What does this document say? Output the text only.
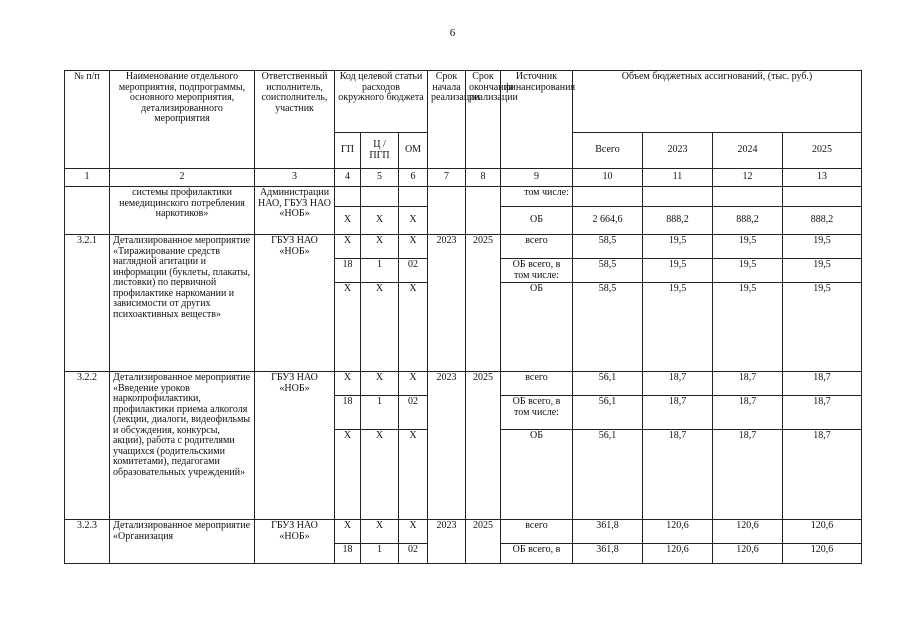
6
№ п/п	Наименование отдельного мероприятия, подпрограммы, основного мероприятия, детализированного мероприятия	Ответственный исполнитель, соисполнитель, участник	Код целевой статьи расходов окружного бюджета			Срок начала реализации	Срок окончания реализации	Источник финансирования	Объем бюджетных ассигнований, (тыс. руб.)			
			ГП	Ц / ПГП	ОМ				Всего	2023	2024	2025
1	2	3	4	5	6	7	8	9	10	11	12	13
	системы профилактики немедицинского потребления наркотиков»	Администрации НАО, ГБУЗ НАО «НОБ»						том числе:				
			Х	Х	Х			ОБ	2 664,6	888,2	888,2	888,2
3.2.1	Детализированное мероприятие «Тиражирование средств наглядной агитации и информации (буклеты, плакаты, листовки) по первичной профилактике наркомании и зависимости от других психоактивных веществ»	ГБУЗ НАО «НОБ»	Х	Х	Х	2023	2025	всего	58,5	19,5	19,5	19,5
			18	1	02			ОБ всего, в том числе:	58,5	19,5	19,5	19,5
			Х	Х	Х			ОБ	58,5	19,5	19,5	19,5
3.2.2	Детализированное мероприятие «Введение уроков наркопрофилактики, профилактики приема алкоголя (лекции, диалоги, видеофильмы и обсуждения, конкурсы, акции), работа с родителями учащихся (родительскими комитетами), педагогами образовательных учреждений»	ГБУЗ НАО «НОБ»	Х	Х	Х	2023	2025	всего	56,1	18,7	18,7	18,7
			18	1	02			ОБ всего, в том числе:	56,1	18,7	18,7	18,7
			Х	Х	Х			ОБ	56,1	18,7	18,7	18,7
3.2.3	Детализированное мероприятие «Организация	ГБУЗ НАО «НОБ»	Х	Х	Х	2023	2025	всего	361,8	120,6	120,6	120,6
			18	1	02			ОБ всего, в	361,8	120,6	120,6	120,6
